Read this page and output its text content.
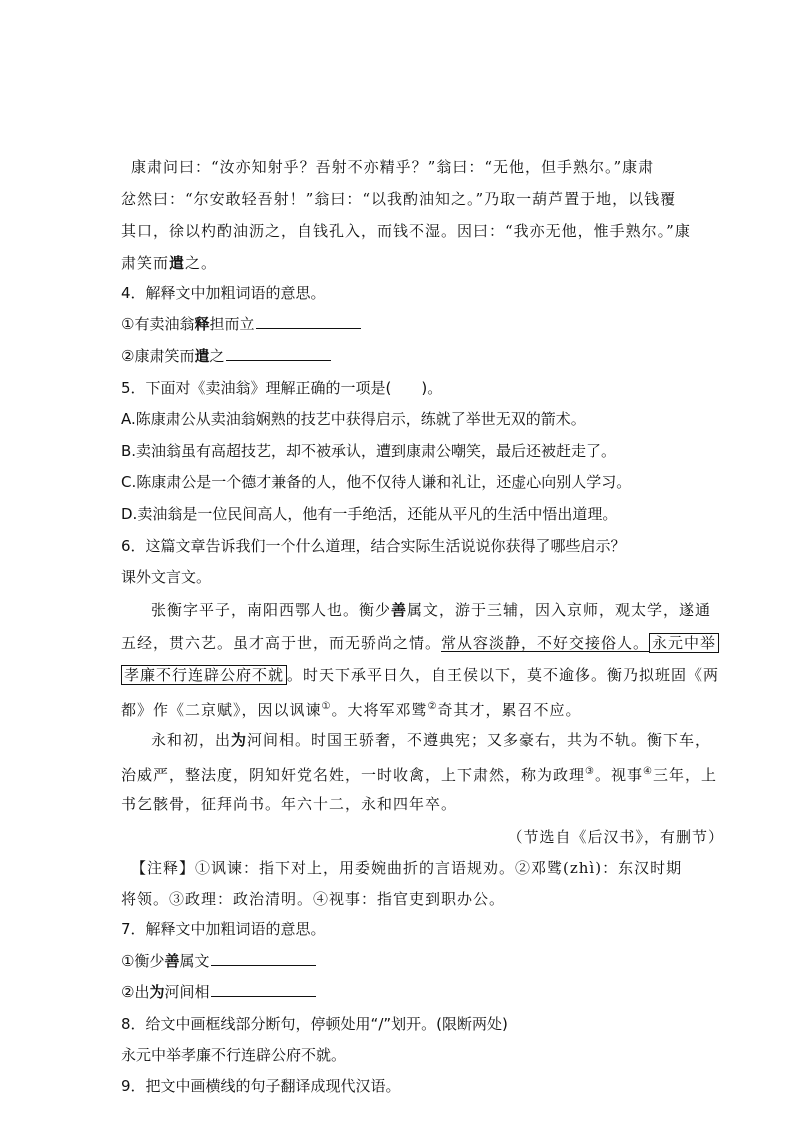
康肃问曰：“汝亦知射乎？吾射不亦精乎？”翁曰：“无他，但手熟尔。”康肃
忿然曰：“尔安敢轻吾射！”翁曰：“以我酌油知之。”乃取一葫芦置于地，以钱覆
其口，徐以杓酌油沥之，自钱孔入，而钱不湿。因曰：“我亦无他，惟手熟尔。”康
肃笑而遣之。
4．解释文中加粗词语的意思。
①有卖油翁释担而立
②康肃笑而遣之
5．下面对《卖油翁》理解正确的一项是(　　)。
A.陈康肃公从卖油翁娴熟的技艺中获得启示，练就了举世无双的箭术。
B.卖油翁虽有高超技艺，却不被承认，遭到康肃公嘲笑，最后还被赶走了。
C.陈康肃公是一个德才兼备的人，他不仅待人谦和礼让，还虚心向别人学习。
D.卖油翁是一位民间高人，他有一手绝活，还能从平凡的生活中悟出道理。
6．这篇文章告诉我们一个什么道理，结合实际生活说说你获得了哪些启示？
课外文言文。
张衡字平子，南阳西鄂人也。衡少善属文，游于三辅，因入京师，观太学，遂通
五经，贯六艺。虽才高于世，而无骄尚之情。常从容淡静，不好交接俗人。 永元中举
孝廉不行连辟公府不就 。时天下承平日久，自王侯以下，莫不逾侈。衡乃拟班固《两
都》作《二京赋》，因以讽谏①。大将军邓骘②奇其才，累召不应。
永和初，出为河间相。时国王骄奢，不遵典宪；又多豪右，共为不轨。衡下车，
治威严，整法度，阴知奸党名姓，一时收禽，上下肃然，称为政理③。视事④三年，上
书乞骸骨，征拜尚书。年六十二，永和四年卒。
（节选自《后汉书》，有删节）
【注释】①讽谏：指下对上，用委婉曲折的言语规劝。②邓骘(zhì)：东汉时期
将领。③政理：政治清明。④视事：指官吏到职办公。
7．解释文中加粗词语的意思。
①衡少善属文
②出为河间相
8．给文中画框线部分断句，停顿处用“/”划开。(限断两处)
永元中举孝廉不行连辟公府不就。
9．把文中画横线的句子翻译成现代汉语。
